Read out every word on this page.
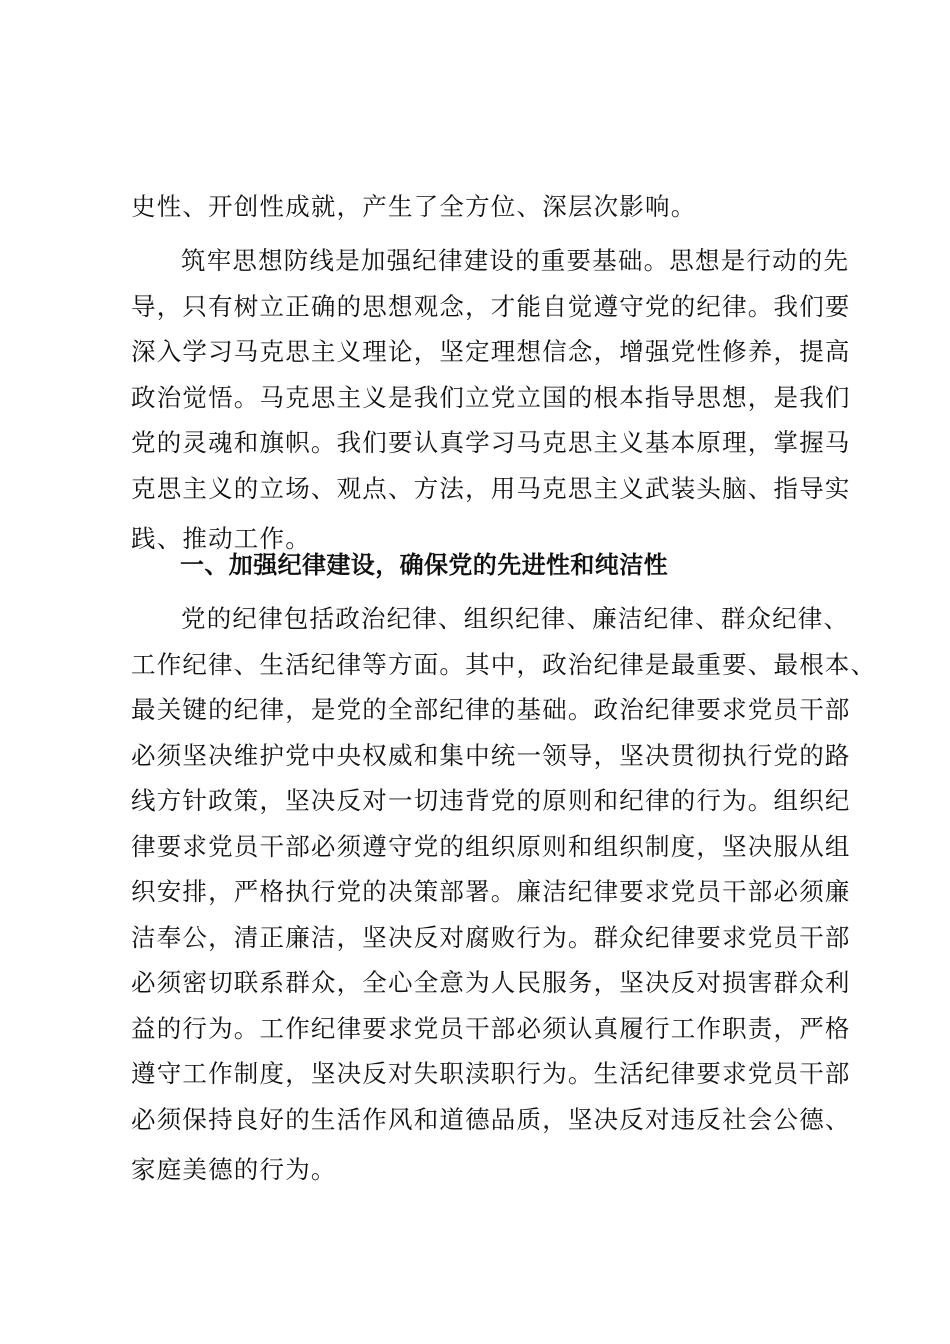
史性、开创性成就，产生了全方位、深层次影响。
筑牢思想防线是加强纪律建设的重要基础。思想是行动的先
导，只有树立正确的思想观念，才能自觉遵守党的纪律。我们要
深入学习马克思主义理论，坚定理想信念，增强党性修养，提高
政治觉悟。马克思主义是我们立党立国的根本指导思想，是我们
党的灵魂和旗帜。我们要认真学习马克思主义基本原理，掌握马
克思主义的立场、观点、方法，用马克思主义武装头脑、指导实
践、推动工作。
一、加强纪律建设，确保党的先进性和纯洁性
党的纪律包括政治纪律、组织纪律、廉洁纪律、群众纪律、
工作纪律、生活纪律等方面。其中，政治纪律是最重要、最根本、
最关键的纪律，是党的全部纪律的基础。政治纪律要求党员干部
必须坚决维护党中央权威和集中统一领导，坚决贯彻执行党的路
线方针政策，坚决反对一切违背党的原则和纪律的行为。组织纪
律要求党员干部必须遵守党的组织原则和组织制度，坚决服从组
织安排，严格执行党的决策部署。廉洁纪律要求党员干部必须廉
洁奉公，清正廉洁，坚决反对腐败行为。群众纪律要求党员干部
必须密切联系群众，全心全意为人民服务，坚决反对损害群众利
益的行为。工作纪律要求党员干部必须认真履行工作职责，严格
遵守工作制度，坚决反对失职渎职行为。生活纪律要求党员干部
必须保持良好的生活作风和道德品质，坚决反对违反社会公德、
家庭美德的行为。
